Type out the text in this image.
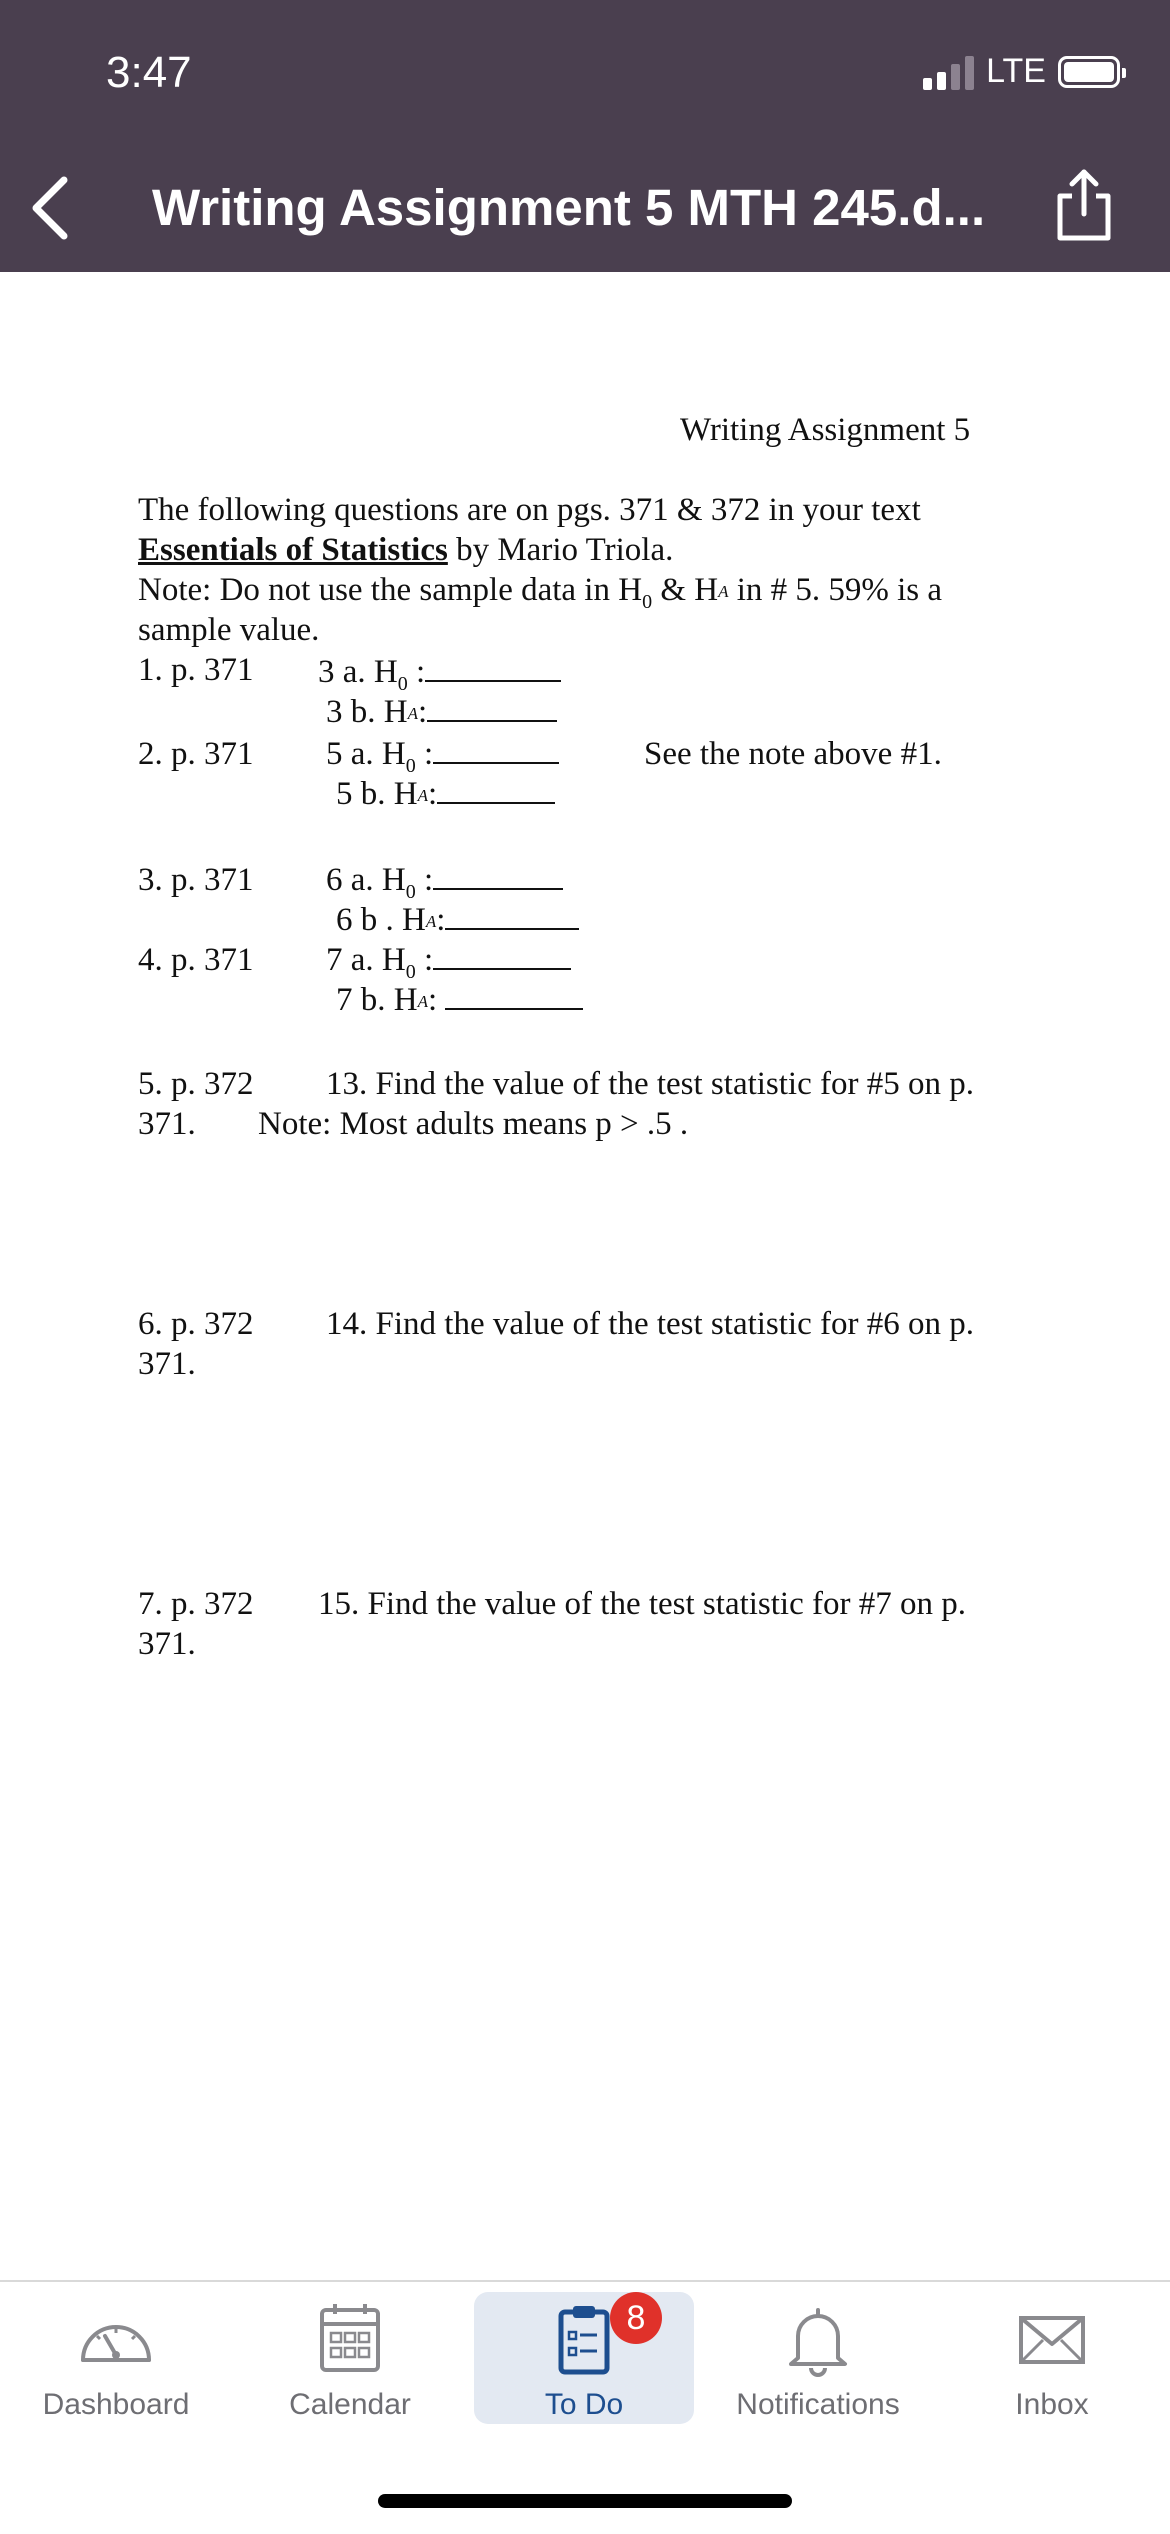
3:47	LTE
Writing Assignment 5 MTH 245.d...
Writing Assignment 5
The following questions are on pgs. 371 & 372 in your text
Essentials of Statistics by Mario Triola.
Note: Do not use the sample data in $H_0$ & HA in # 5. 59% is a
sample value.
1. p. 371 3 a. $H_0$ :
3 b. HA:
2. p. 371 5 a. $H_0$ :	See the note above #1.
5 b. HA:
3. p. 371 6 a. $H_0$ :
6 b . HA:
4. p. 371 7 a. $H_0$ :
7 b. HA:
5. p. 372 13. Find the value of the test statistic for #5 on p.
371. Note: Most adults means p > .5 .
6. p. 372 14. Find the value of the test statistic for #6 on p.
371.
7. p. 372 15. Find the value of the test statistic for #7 on p.
371.
Dashboard	Calendar
8
To Do	Notifications	Inbox
